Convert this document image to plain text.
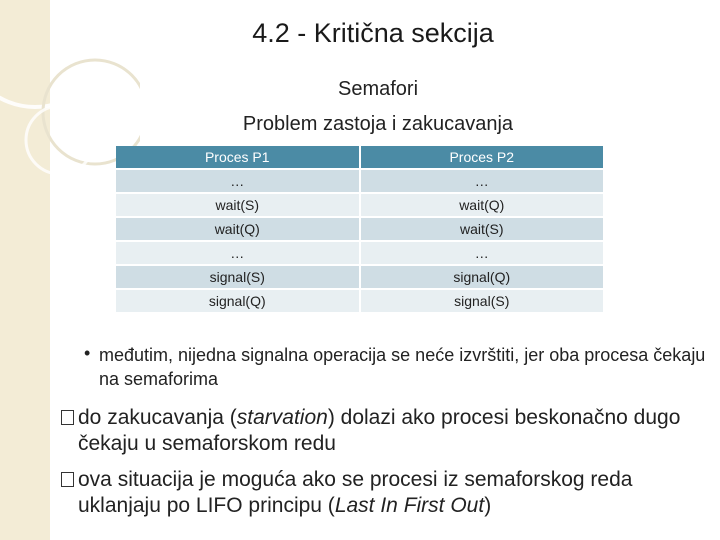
4.2 - Kritična sekcija
Semafori
Problem zastoja i zakucavanja
Proces P1	Proces P2
…	…
wait(S)	wait(Q)
wait(Q)	wait(S)
…	…
signal(S)	signal(Q)
signal(Q)	signal(S)
• međutim, nijedna signalna operacija se neće izvrštiti, jer oba procesa čekaju na semaforima
do zakucavanja (starvation) dolazi ako procesi beskonačno dugo čekaju u semaforskom redu
ova situacija je moguća ako se procesi iz semaforskog reda uklanjaju po LIFO principu (Last In First Out)
